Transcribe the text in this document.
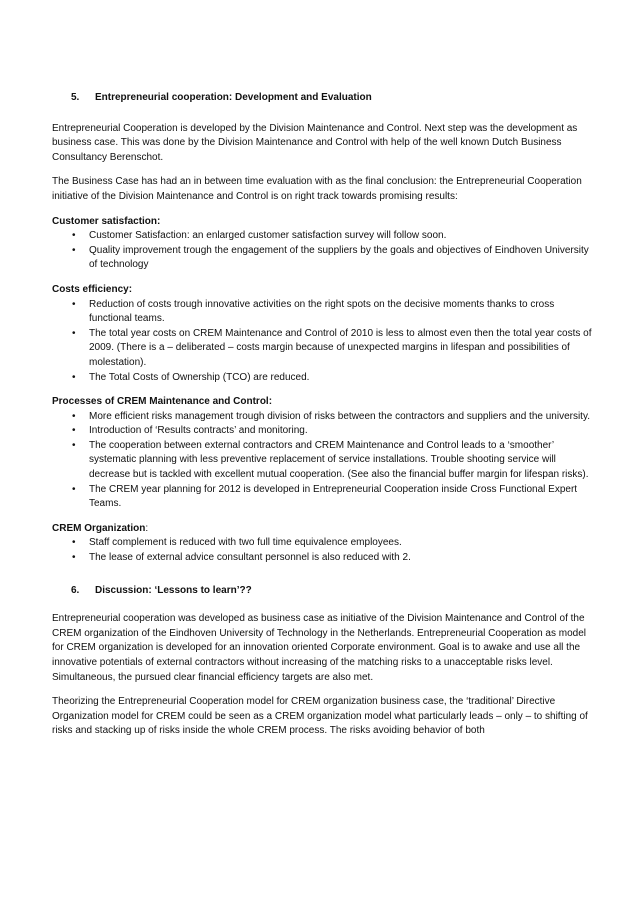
5. Entrepreneurial cooperation: Development and Evaluation

Entrepreneurial Cooperation is developed by the Division Maintenance and Control. Next step was the development as business case. This was done by the Division Maintenance and Control with help of the well known Dutch Business Consultancy Berenschot.

The Business Case has had an in between time evaluation with as the final conclusion: the Entrepreneurial Cooperation initiative of the Division Maintenance and Control is on right track towards promising results:

Customer satisfaction:
• Customer Satisfaction: an enlarged customer satisfaction survey will follow soon.
• Quality improvement trough the engagement of the suppliers by the goals and objectives of Eindhoven University of technology
Costs efficiency:
• Reduction of costs trough innovative activities on the right spots on the decisive moments thanks to cross functional teams.
• The total year costs on CREM Maintenance and Control of 2010 is less to almost even then the total year costs of 2009. (There is a – deliberated – costs margin because of unexpected margins in lifespan and possibilities of molestation).
• The Total Costs of Ownership (TCO) are reduced.
Processes of CREM Maintenance and Control:
• More efficient risks management trough division of risks between the contractors and suppliers and the university.
• Introduction of ‘Results contracts’ and monitoring.
• The cooperation between external contractors and CREM Maintenance and Control leads to a ‘smoother’ systematic planning with less preventive replacement of service installations. Trouble shooting service will decrease but is tackled with excellent mutual cooperation. (See also the financial buffer margin for lifespan risks).
• The CREM year planning for 2012 is developed in Entrepreneurial Cooperation inside Cross Functional Expert Teams.
CREM Organization:
• Staff complement is reduced with two full time equivalence employees.
• The lease of external advice consultant personnel is also reduced with 2.
6. Discussion: ‘Lessons to learn’??

Entrepreneurial cooperation was developed as business case as initiative of the Division Maintenance and Control of the CREM organization of the Eindhoven University of Technology in the Netherlands. Entrepreneurial Cooperation as model for CREM organization is developed for an innovation oriented Corporate environment. Goal is to awake and use all the innovative potentials of external contractors without increasing of the matching risks to a unacceptable risks level. Simultaneous, the pursued clear financial efficiency targets are also met.

Theorizing the Entrepreneurial Cooperation model for CREM organization business case, the ‘traditional’ Directive Organization model for CREM could be seen as a CREM organization model what particularly leads – only – to shifting of risks and stacking up of risks inside the whole CREM process. The risks avoiding behavior of both
